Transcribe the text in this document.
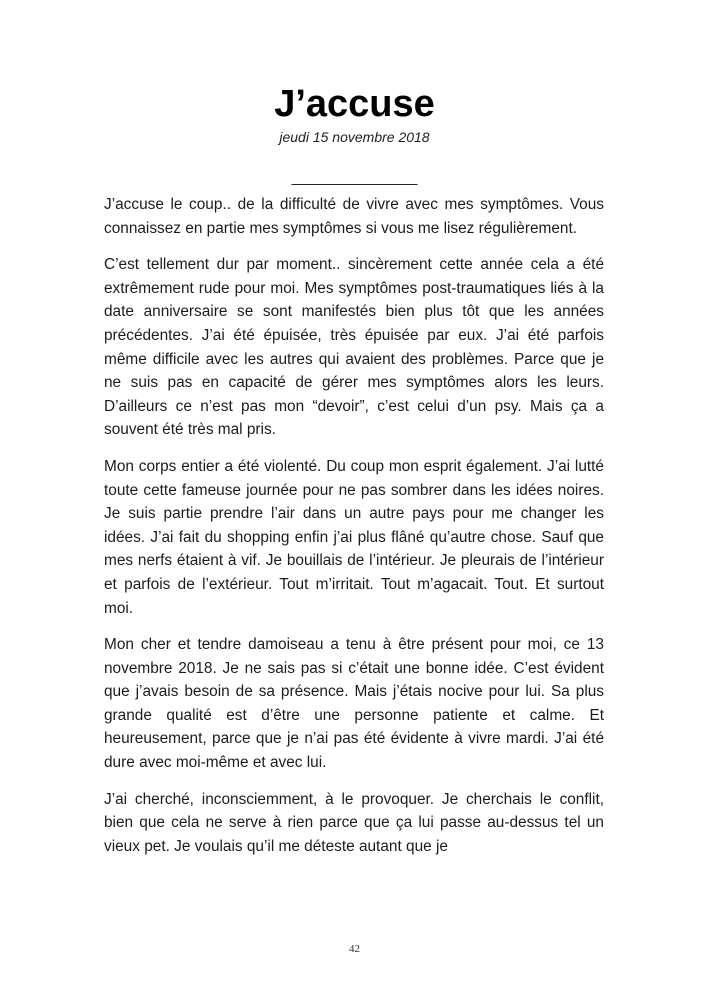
J’accuse
jeudi 15 novembre 2018
_________________

J’accuse le coup.. de la difficulté de vivre avec mes symptômes. Vous connaissez en partie mes symptômes si vous me lisez régulièrement.

C’est tellement dur par moment.. sincèrement cette année cela a été extrêmement rude pour moi. Mes symptômes post-traumatiques liés à la date anniversaire se sont manifestés bien plus tôt que les années précédentes. J’ai été épuisée, très épuisée par eux. J’ai été parfois même difficile avec les autres qui avaient des problèmes. Parce que je ne suis pas en capacité de gérer mes symptômes alors les leurs. D’ailleurs ce n’est pas mon “devoir”, c’est celui d’un psy. Mais ça a souvent été très mal pris.

Mon corps entier a été violenté. Du coup mon esprit également. J’ai lutté toute cette fameuse journée pour ne pas sombrer dans les idées noires. Je suis partie prendre l’air dans un autre pays pour me changer les idées. J’ai fait du shopping enfin j’ai plus flâné qu’autre chose. Sauf que mes nerfs étaient à vif. Je bouillais de l’intérieur. Je pleurais de l’intérieur et parfois de l’extérieur. Tout m’irritait. Tout m’agacait. Tout. Et surtout moi.

Mon cher et tendre damoiseau a tenu à être présent pour moi, ce 13 novembre 2018. Je ne sais pas si c’était une bonne idée. C’est évident que j’avais besoin de sa présence. Mais j’étais nocive pour lui. Sa plus grande qualité est d’être une personne patiente et calme. Et heureusement, parce que je n’ai pas été évidente à vivre mardi. J’ai été dure avec moi-même et avec lui.

J’ai cherché, inconsciemment, à le provoquer. Je cherchais le conflit, bien que cela ne serve à rien parce que ça lui passe au-dessus tel un vieux pet. Je voulais qu’il me déteste autant que je

42
